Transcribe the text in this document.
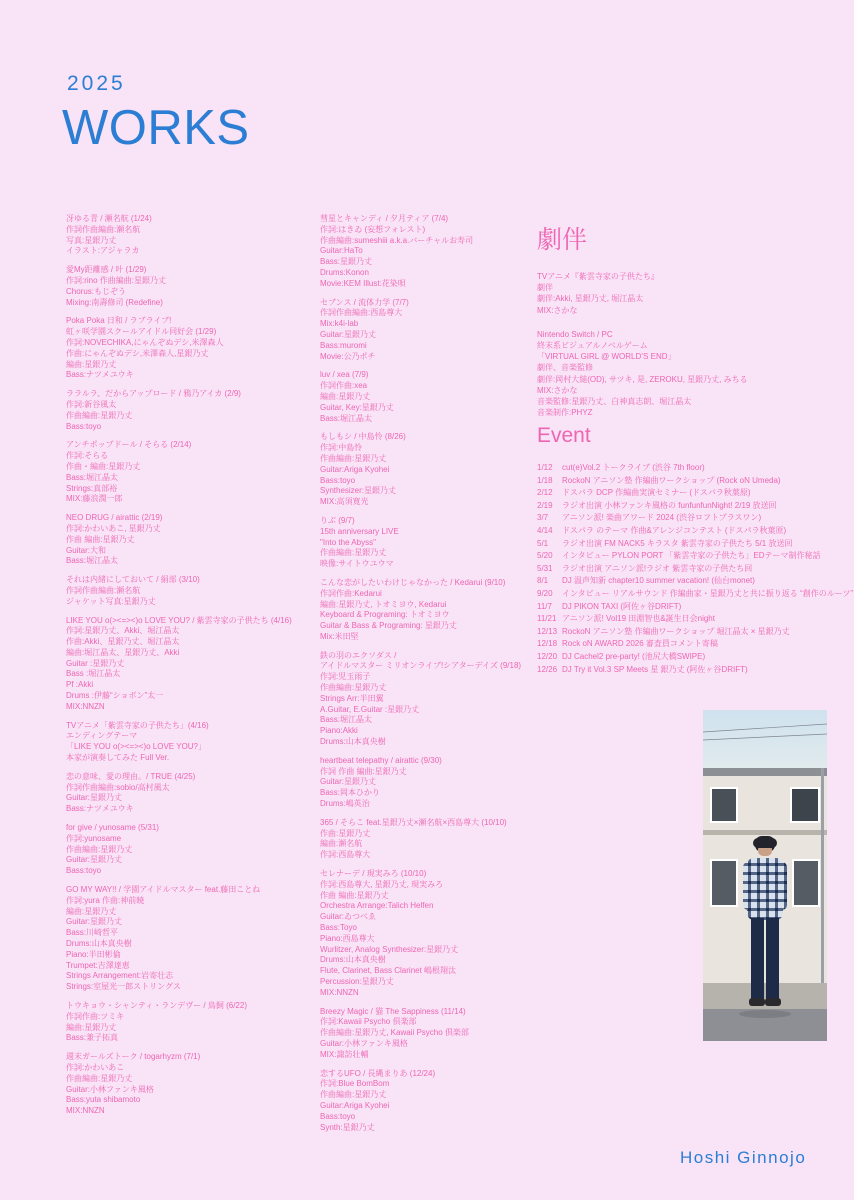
2025
WORKS
冴ゆる青 / 瀬名航 (1/24)
作詞作曲編曲:瀬名航
写真:星銀乃丈
イラスト:アジャラカ
愛My距離感 / 叶 (1/29)
作詞:rino 作曲編曲:星銀乃丈
Chorus:もじぞう
Mixing:南壽修司 (Redefine)
Poka Poka 日和 / ラブライブ!
虹ヶ咲学園スクールアイドル同好会 (1/29)
作詞:NOVECHIKA,にゃんぞぬデシ,米澤森人
作曲:にゃんぞぬデシ,米澤森人,星銀乃丈
編曲:星銀乃丈
Bass:ナツメユウキ
ララルラ、だからアップロード / 鴉乃アイカ (2/9)
作詞:新谷風太
作曲編曲:星銀乃丈
Bass:toyo
アンチポップドール / そらる (2/14)
作詞:そらる
作曲・編曲:星銀乃丈
Bass:堀江晶太
Strings:真部裕
MIX:藤浪潤一郎
NEO DRUG / airattic (2/19)
作詞:かわいあこ, 星銀乃丈
作曲 編曲:星銀乃丈
Guitar:大和
Bass:堀江晶太
それは内緒にしておいて / 絹部 (3/10)
作詞作曲編曲:瀬名航
ジャケット写真:星銀乃丈
LIKE YOU o(><=><)o LOVE YOU? / 紫雲寺家の子供たち (4/16)
作詞:星銀乃丈、Akki、堀江晶太
作曲:Akki、星銀乃丈、堀江晶太
編曲:堀江晶太、星銀乃丈、Akki
Guitar :星銀乃丈
Bass :堀江晶太
Pf :Akki
Drums :伊藤“ショボン”太一
MIX:NNZN
TVアニメ「紫雲寺家の子供たち」(4/16)
エンディングテーマ
「LIKE YOU o(><=><)o LOVE YOU?」
本家が演奏してみた Full Ver.
恋の意味、愛の理由。/ TRUE (4/25)
作詞作曲編曲:sobio/高村風太
Guitar:星銀乃丈
Bass:ナツメユウキ
for give / yunosame (5/31)
作詞:yunosame
作曲編曲:星銀乃丈
Guitar:星銀乃丈
Bass:toyo
GO MY WAY!! / 学園アイドルマスター feat.藤田ことね
作詞:yura 作曲:神前暁
編曲:星銀乃丈
Guitar:星銀乃丈
Bass:川崎哲平
Drums:山本真央樹
Piano:半田彬倫
Trumpet:吉澤達恵
Strings Arrangement:岩寄壮志
Strings:室屋光一郎ストリングス
トウキョウ・シャンティ・ランデヴー / 鳥飼 (6/22)
作詞作曲:ツミキ
編曲:星銀乃丈
Bass:兼子拓真
週末ガールズトーク / togarhyzm (7/1)
作詞:かわいあこ
作曲編曲:星銀乃丈
Guitar:小林ファンキ風格
Bass:yuta shibamoto
MIX:NNZN
彗星とキャンディ / 夕月ティア (7/4)
作詞:はきゐ (妄想フォレスト)
作曲編曲:sumeshiii a.k.a.バーチャルお寿司
Guitar:HaTo
Bass:星銀乃丈
Drums:Konon
Movie:KEM Illust:花染唄
セブンス / 流体力学 (7/7)
作詞作曲編曲:西島尊大
Mix:k4i-lab
Guitar:星銀乃丈
Bass:muromi
Movie:公乃ポチ
luv / xea (7/9)
作詞作曲:xea
編曲:星銀乃丈
Guitar, Key:星銀乃丈
Bass:堀江晶太
もしもシ / 中島怜 (8/26)
作詞:中島怜
作曲編曲:星銀乃丈
Guitar:Ariga Kyohei
Bass:toyo
Synthesizer:星銀乃丈
MIX:高須寛光
りぶ (9/7)
15th anniversary LIVE
"Into the Abyss"
作曲編曲:星銀乃丈
映像:サイトウユウマ
こんな恋がしたいわけじゃなかった / Kedarui (9/10)
作詞作曲:Kedarui
編曲:星銀乃丈, トオミヨウ, Kedarui
Keyboard & Programing: トオミヨウ
Guitar & Bass & Programing: 星銀乃丈
Mix:米田堅
鉄の羽のエクソダス /
アイドルマスター ミリオンライブ!シアターデイズ (9/18)
作詞:児玉雨子
作曲編曲:星銀乃丈
Strings Arr:半田翼
A.Guitar, E.Guitar :星銀乃丈
Bass:堀江晶太
Piano:Akki
Drums:山本真央樹
heartbeat telepathy / airattic (9/30)
作詞 作曲 編曲:星銀乃丈
Guitar:星銀乃丈
Bass:岡本ひかり
Drums:嶋英治
365 / そらこ feat.星銀乃丈×瀬名航×西島尊大 (10/10)
作曲:星銀乃丈
編曲:瀬名航
作詞:西島尊大
セレナーデ / 現実みろ (10/10)
作詞:西島尊大, 星銀乃丈, 現実みろ
作曲 編曲:星銀乃丈
Orchestra Arrange:Talich Helfen
Guitar:ゐつべゑ
Bass:Toyo
Piano:西島尊大
Wurlitzer, Analog Synthesizer:星銀乃丈
Drums:山本真央樹
Flute, Clarinet, Bass Clarinet 嶋根翔汰
Percussion:星銀乃丈
MIX:NNZN
Breezy Magic / 猫 The Sappiness (11/14)
作詞:Kawaii Psycho 倶楽部
作曲編曲:星銀乃丈, Kawaii Psycho 倶楽部
Guitar:小林ファンキ風格
MIX:諏訪壮輔
恋するUFO / 長縄まりあ (12/24)
作詞:Blue BomBom
作曲編曲:星銀乃丈
Guitar:Ariga Kyohei
Bass:toyo
Synth:星銀乃丈
劇伴
TVアニメ『紫雲寺家の子供たち』
劇伴
劇伴:Akki, 星銀乃丈, 堀江晶太
MIX:さかな
Nintendo Switch / PC
終末系ビジュアルノベルゲーム
「VIRTUAL GIRL @ WORLD’S END」
劇伴、音楽監修
劇伴:岡村大縋(OD), サツキ, 是, ZEROKU, 星銀乃丈, みちる
MIX:さかな
音楽監修:星銀乃丈、白神真志朗、堀江晶太
音楽制作:PHYZ
Event
1/12 cut(e)Vol.2 トークライブ (渋谷 7th floor)
1/18 RockoN アニソン塾 作編曲ワークショップ (Rock oN Umeda)
2/12 ドスパラ DCP 作編曲実演セミナー (ドスパラ秋葉原)
2/19 ラジオ出演 小林ファンキ風格の funfunfunNight! 2/19 放送回
3/7 アニソン派! 楽曲アワード 2024 (渋谷ロフトプラスワン)
4/14 ドスパラ のテーマ 作曲&アレンジコンテスト (ドスパラ秋葉原)
5/1 ラジオ出演 FM NACK5 キラスタ 紫雲寺家の子供たち 5/1 放送回
5/20 インタビュー PYLON PORT 「紫雲寺家の子供たち」EDテーマ制作秘話
5/31 ラジオ出演 アニソン派!ラジオ 紫雲寺家の子供たち回
8/1 DJ 温声知新 chapter10 summer vacation! (仙台monet)
9/20 インタビュー リアルサウンド 作編曲家・星銀乃丈と共に振り返る “創作のルーツ”
11/7 DJ PIKON TAXI (阿佐ヶ谷DRIFT)
11/21 アニソン派! Vol19 田淵智也&誕生日会night
12/13 RockoN アニソン塾 作編曲ワークショップ 堀江晶太 × 星銀乃丈
12/18 Rock oN AWARD 2026 審査員コメント寄稿
12/20 DJ Cachel2 pre-party! (池尻大橋SWIPE)
12/26 DJ Try it Vol.3 SP Meets 星 銀乃丈 (阿佐ヶ谷DRIFT)
Hoshi Ginnojo
